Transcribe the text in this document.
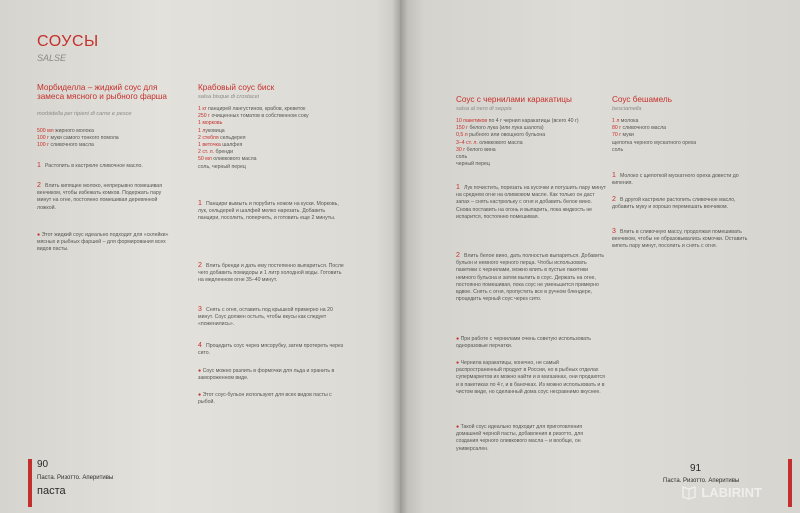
СОУСЫ
SALSE
Морбиделла – жидкий соус для замеса мясного и рыбного фарша
morbidella per ripieni di carne e pesce

500 мл жирного молока

100 г муки самого тонкого помола

100 г сливочного масла

1 Растопить в кастрюле сливочное масло.
2 Влить кипящее молоко, непрерывно помешивая венчиком, чтобы избежать комков. Подержать пару минут на огне, постоянно помешивая деревянной ложкой.
● Этот жидкий соус идеально подходит для «склейки» мясных и рыбных фаршей – для формирования всех видов пасты.
Крабовый соус биск
salsa bisque di crostacei

1 кг панцирей лангустинов, крабов, креветок

250 г очищенных томатов в собственном соку

1 морковь

1 луковица

2 стебля сельдерея

1 веточка шалфея

2 ст. л. бренди

50 мл оливкового масла

соль, черный перец

1 Панцири вымыть и порубить ножом на куски. Морковь, лук, сельдерей и шалфей мелко нарезать. Добавить панцири, посолить, поперчить, и готовить еще 2 минуты.
2 Влить бренди и дать ему постепенно выпариться. После чего добавить помидоры и 1 литр холодной воды. Готовить на медленном огне 35–40 минут.
3 Снять с огня, оставить под крышкой примерно на 20 минут. Соус должен остыть, чтобы вкусы как следует «поженились».
4 Процедить соус через мясорубку, затем протереть через сито.
● Соус можно разлить в формочки для льда и хранить в замороженном виде.
● Этот соус-бульон используют для всех видов пасты с рыбой.
90
Паста. Ризотто. Аперитивы
паста
Соус с чернилами каракатицы
salsa al nero di seppia

10 пакетиков по 4 г чернил каракатицы (всего 40 г)

150 г белого лука (или лука шалота)

0,5 л рыбного или овощного бульона

3–4 ст. л. оливкового масла

30 г белого вина

соль

черный перец

1 Лук почистить, порезать на кусочки и потушить пару минут на среднем огне на оливковом масле. Как только он даст запах – снять кастрюльку с огня и добавить белое вино. Снова поставить на огонь и выпарить, пока жидкость не испарится, постоянно помешивая.
2 Влить белое вино, дать полностью выпариться. Добавить бульон и немного черного перца. Чтобы использовать пакетики с чернилами, можно влить в пустые пакетики немного бульона и затем вылить в соус. Держать на огне, постоянно помешивая, пока соус не уменьшится примерно вдвое. Снять с огня, пропустить все в ручном блендере, процедить черный соус через сито.
● При работе с чернилами очень советую использовать одноразовые перчатки.
● Чернила каракатицы, конечно, не самый распространенный продукт в России, но в рыбных отделах супермаркетов их можно найти и в магазинах, они продаются и в пакетиках по 4 г, и в баночках. Из можно использовать и в чистом виде, но сделанный дома соус несравнимо вкуснее.
● Такой соус идеально подходит для приготовления домашней черной пасты, добавления в ризотто, для создания черного оливкового масла – и вообще, он универсален.
Соус бешамель
besciamella

1 л молока

80 г сливочного масла

70 г муки

щепотка черного мускатного ореха

соль

1 Молоко с щепоткой мускатного ореха довести до кипения.
2 В другой кастрюле растопить сливочное масло, добавить муку и хорошо перемешать венчиком.
3 Влить в сливочную массу, продолжая помешивать венчиком, чтобы не образовывались комочки. Оставить кипеть пару минут, посолить и снять с огня.
91
Паста. Ризотто. Аперитивы
LABIRINT
